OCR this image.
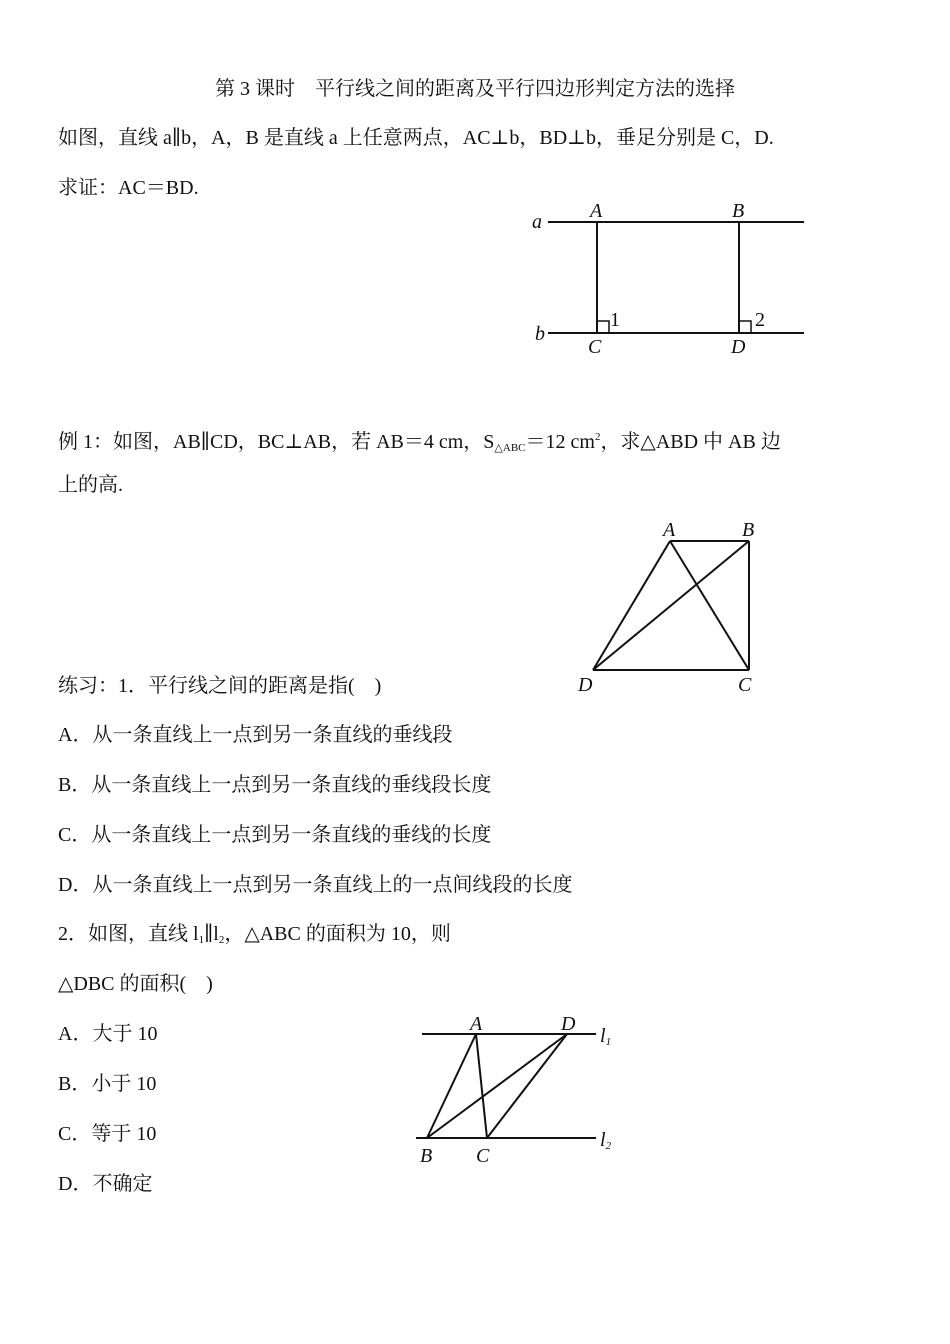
第 3 课时　平行线之间的距离及平行四边形判定方法的选择
如图，直线 a∥b，A，B 是直线 a 上任意两点，AC⊥b，BD⊥b，垂足分别是 C，D.
求证：AC＝BD.
a
b
A	B
C	D
1	2
A	B
C
D
A	D
B C
l1
l2
例 1：如图，AB∥CD，BC⊥AB，若 AB＝4 cm，$S_{\triangle ABC}=12$ $cm^2$，求△ABD 中 AB 边
上的高.
练习：1．平行线之间的距离是指(　)
A．从一条直线上一点到另一条直线的垂线段
B．从一条直线上一点到另一条直线的垂线段长度
C．从一条直线上一点到另一条直线的垂线的长度
D．从一条直线上一点到另一条直线上的一点间线段的长度
2．如图，直线 $l_1\parallel l_2$，△ABC 的面积为 10，则
△DBC 的面积(　)
A．大于 10
B．小于 10
C．等于 10
D．不确定
